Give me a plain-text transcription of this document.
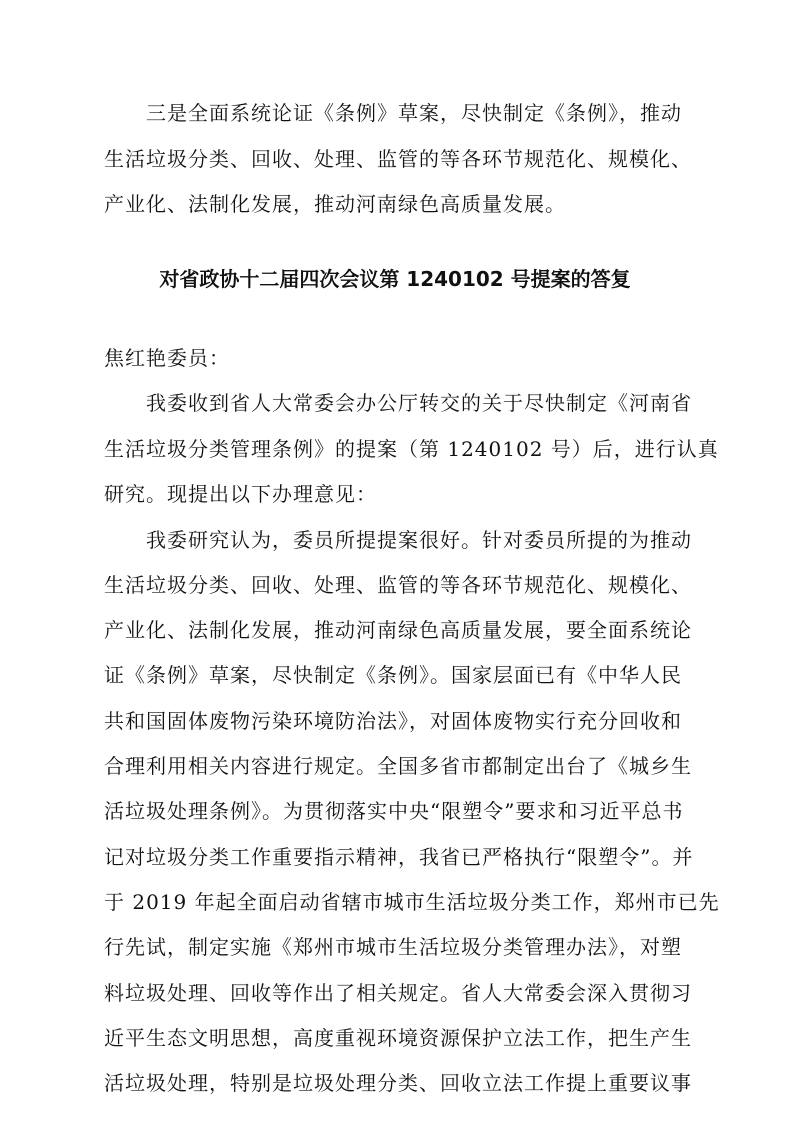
三是全面系统论证《条例》草案，尽快制定《条例》，推动
生活垃圾分类、回收、处理、监管的等各环节规范化、规模化、
产业化、法制化发展，推动河南绿色高质量发展。
对省政协十二届四次会议第 1240102 号提案的答复
焦红艳委员：
我委收到省人大常委会办公厅转交的关于尽快制定《河南省
生活垃圾分类管理条例》的提案（第 1240102 号）后，进行认真
研究。现提出以下办理意见：
我委研究认为，委员所提提案很好。针对委员所提的为推动
生活垃圾分类、回收、处理、监管的等各环节规范化、规模化、
产业化、法制化发展，推动河南绿色高质量发展，要全面系统论
证《条例》草案，尽快制定《条例》。国家层面已有《中华人民
共和国固体废物污染环境防治法》，对固体废物实行充分回收和
合理利用相关内容进行规定。全国多省市都制定出台了《城乡生
活垃圾处理条例》。为贯彻落实中央“限塑令”要求和习近平总书
记对垃圾分类工作重要指示精神，我省已严格执行“限塑令”。并
于 2019 年起全面启动省辖市城市生活垃圾分类工作，郑州市已先
行先试，制定实施《郑州市城市生活垃圾分类管理办法》，对塑
料垃圾处理、回收等作出了相关规定。省人大常委会深入贯彻习
近平生态文明思想，高度重视环境资源保护立法工作，把生产生
活垃圾处理，特别是垃圾处理分类、回收立法工作提上重要议事
